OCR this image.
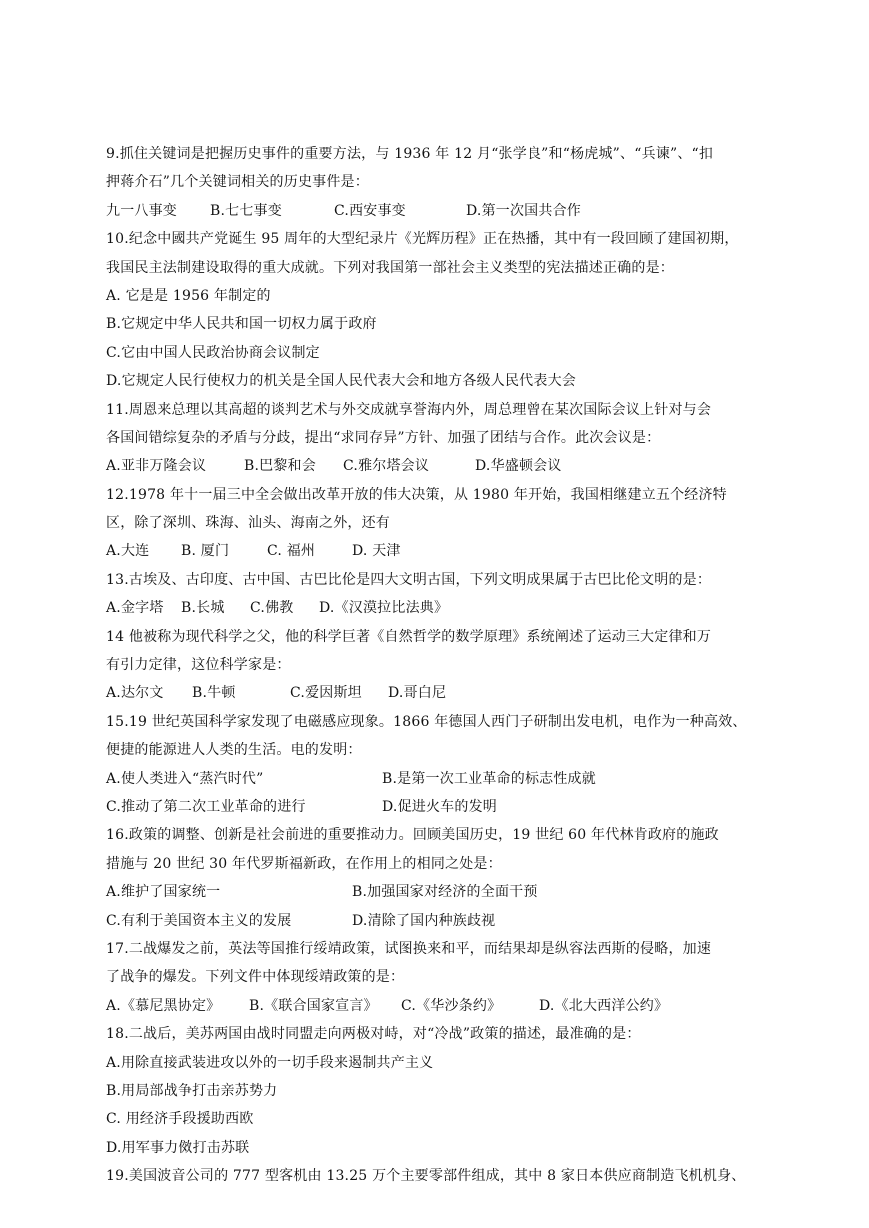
9.抓住关键词是把握历史事件的重要方法，与 1936 年 12 月“张学良”和“杨虎城”、“兵谏”、“扣
押蒋介石”几个关键词相关的历史事件是：
九一八事变	B.七七事变	C.西安事变	D.第一次国共合作
10.纪念中國共产党诞生 95 周年的大型纪录片《光辉历程》正在热播，其中有一段回顾了建国初期，
我国民主法制建设取得的重大成就。下列对我国第一部社会主义类型的宪法描述正确的是：
A. 它是是 1956 年制定的
B.它规定中华人民共和国一切权力属于政府
C.它由中国人民政治协商会议制定
D.它规定人民行使权力的机关是全国人民代表大会和地方各级人民代表大会
11.周恩来总理以其高超的谈判艺术与外交成就享誉海内外，周总理曾在某次国际会议上针对与会
各国间错综复杂的矛盾与分歧，提出“求同存异”方针、加强了团结与合作。此次会议是：
A.亚非万隆会议	B.巴黎和会	C.雅尔塔会议	D.华盛顿会议
12.1978 年十一届三中全会做出改革开放的伟大决策，从 1980 年开始，我国相继建立五个经济特
区，除了深圳、珠海、汕头、海南之外，还有
A.大连	B. 厦门	C. 福州	D. 天津
13.古埃及、古印度、古中国、古巴比伦是四大文明古国，下列文明成果属于古巴比伦文明的是：
A.金字塔	B.长城	C.佛教	D.《汉漠拉比法典》
14 他被称为现代科学之父，他的科学巨著《自然哲学的数学原理》系统阐述了运动三大定律和万
有引力定律，这位科学家是：
A.达尔文	B.牛顿	C.爱因斯坦	D.哥白尼
15.19 世纪英国科学家发现了电磁感应现象。1866 年德国人西门子研制出发电机，电作为一种高效、
便捷的能源进人人类的生活。电的发明：
A.使人类进入“蒸汽时代”	B.是第一次工业革命的标志性成就
C.推动了第二次工业革命的进行	D.促进火车的发明
16.政策的调整、创新是社会前进的重要推动力。回顾美国历史，19 世纪 60 年代林肯政府的施政
措施与 20 世纪 30 年代罗斯福新政，在作用上的相同之处是：
A.维护了国家统一	B.加强国家对经济的全面干预
C.有利于美国资本主义的发展	D.清除了国内种族歧视
17.二战爆发之前，英法等国推行绥靖政策，试图换来和平，而结果却是纵容法西斯的侵略，加速
了战争的爆发。下列文件中体现绥靖政策的是：
A.《慕尼黑协定》	B.《联合国家宣言》	C.《华沙条约》	D.《北大西洋公约》
18.二战后，美苏两国由战时同盟走向两极对峙，对“冷战”政策的描述，最准确的是：
A.用除直接武装进攻以外的一切手段来遏制共产主义
B.用局部战争打击亲苏势力
C. 用经济手段援助西欧
D.用军事力傚打击苏联
19.美国波音公司的 777 型客机由 13.25 万个主要零部件组成，其中 8 家日本供应商制造飞机机身、
